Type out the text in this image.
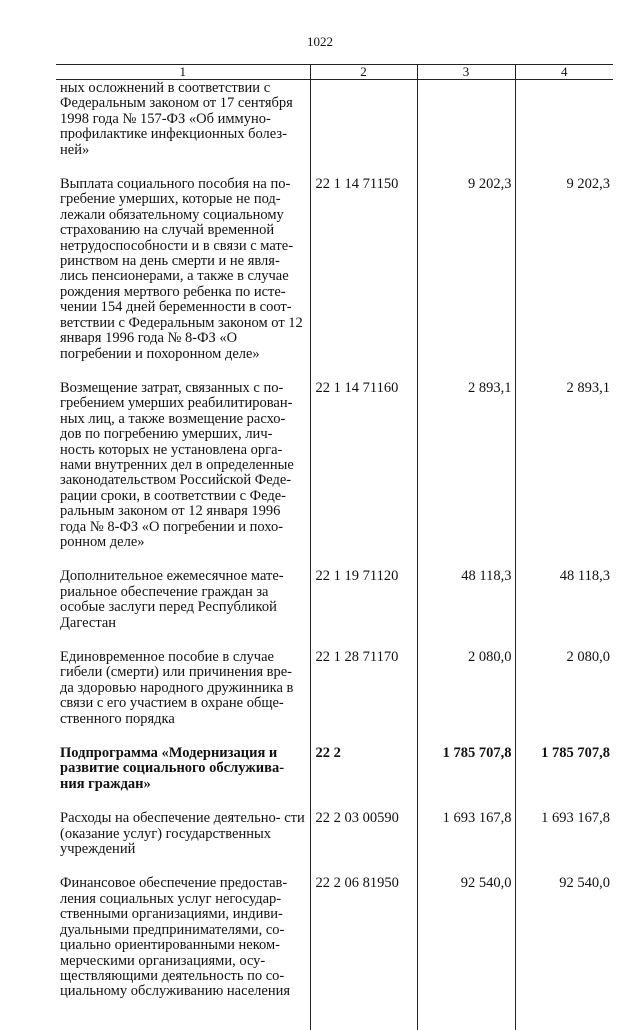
1022
1	2	3	4
ных осложнений в соответствии с Федеральным законом от 17 сентября 1998 года № 157-ФЗ «Об иммуно- профилактике инфекционных болез- ней»			
Выплата социального пособия на по- гребение умерших, которые не под- лежали обязательному социальному страхованию на случай временной нетрудоспособности и в связи с мате- ринством на день смерти и не явля- лись пенсионерами, а также в случае рождения мертвого ребенка по исте- чении 154 дней беременности в соот- ветствии с Федеральным законом от 12 января 1996 года № 8-ФЗ «О погребении и похоронном деле»	22 1 14 71150	9 202,3	9 202,3
Возмещение затрат, связанных с по- гребением умерших реабилитирован- ных лиц, а также возмещение расхо- дов по погребению умерших, лич- ность которых не установлена орга- нами внутренних дел в определенные законодательством Российской Феде- рации сроки, в соответствии с Феде- ральным законом от 12 января 1996 года № 8-ФЗ «О погребении и похо- ронном деле»	22 1 14 71160	2 893,1	2 893,1
Дополнительное ежемесячное мате- риальное обеспечение граждан за особые заслуги перед Республикой Дагестан	22 1 19 71120	48 118,3	48 118,3
Единовременное пособие в случае гибели (смерти) или причинения вре- да здоровью народного дружинника в связи с его участием в охране обще- ственного порядка	22 1 28 71170	2 080,0	2 080,0
Подпрограмма «Модернизация и развитие социального обслужива- ния граждан»	22 2	1 785 707,8	1 785 707,8
Расходы на обеспечение деятельно- сти (оказание услуг) государственных учреждений	22 2 03 00590	1 693 167,8	1 693 167,8
Финансовое обеспечение предостав- ления социальных услуг негосудар- ственными организациями, индиви- дуальными предпринимателями, со- циально ориентированными неком- мерческими организациями, осу- ществляющими деятельность по со- циальному обслуживанию населения	22 2 06 81950	92 540,0	92 540,0
